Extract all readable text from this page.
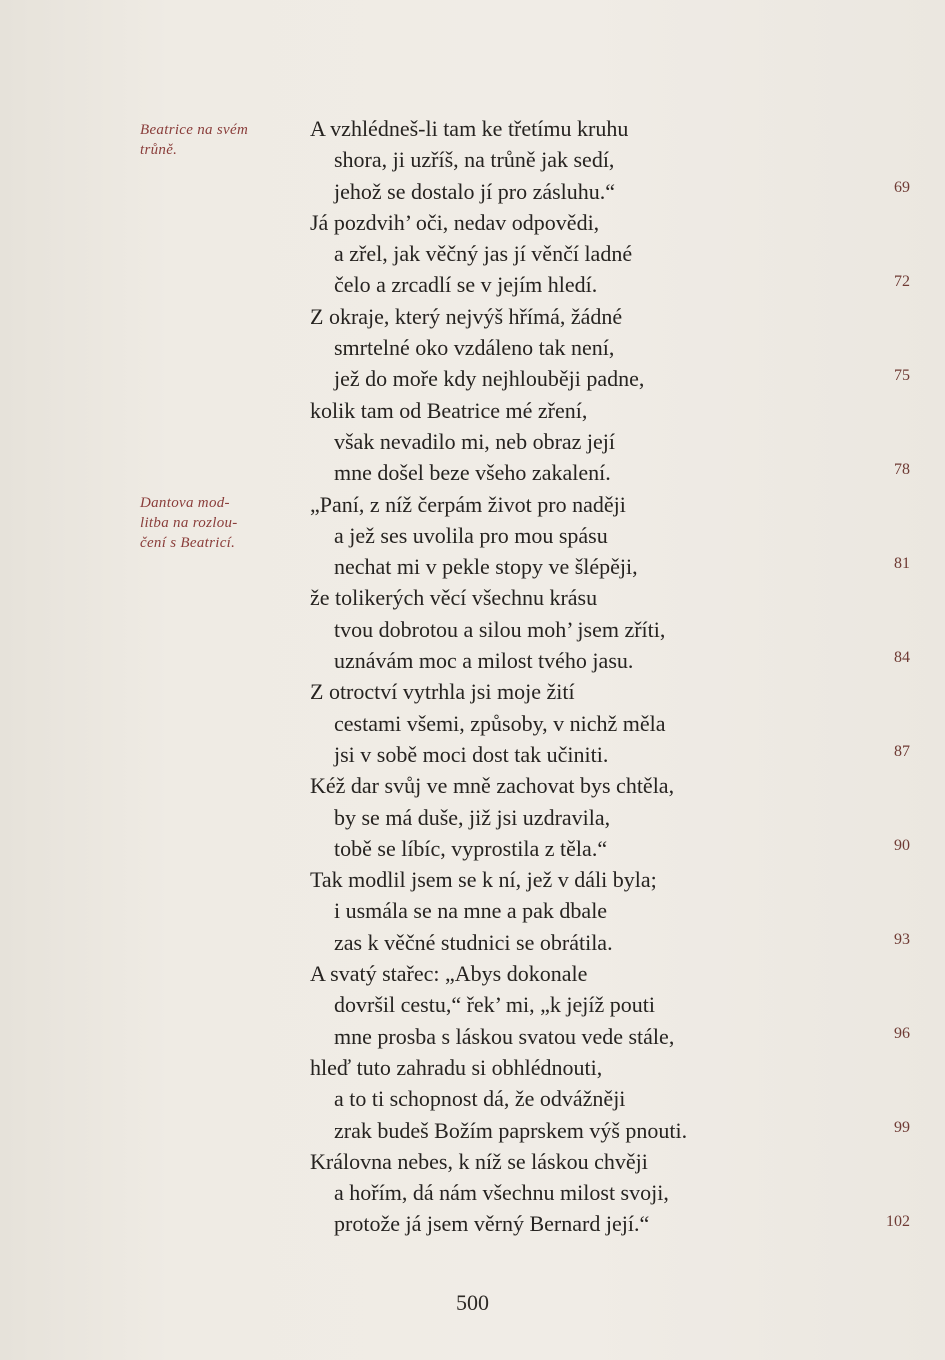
Beatrice na svém
trůně.
Dantova mod-
litba na rozlou-
čení s Beatricí.
A vzhlédneš-li tam ke třetímu kruhu
shora, ji uzříš, na trůně jak sedí,
jehož se dostalo jí pro zásluhu.“
Já pozdvih’ oči, nedav odpovědi,
a zřel, jak věčný jas jí věnčí ladné
čelo a zrcadlí se v jejím hledí.
Z okraje, který nejvýš hřímá, žádné
smrtelné oko vzdáleno tak není,
jež do moře kdy nejhlouběji padne,
kolik tam od Beatrice mé zření,
však nevadilo mi, neb obraz její
mne došel beze všeho zakalení.
„Paní, z níž čerpám život pro naději
a jež ses uvolila pro mou spásu
nechat mi v pekle stopy ve šlépěji,
že tolikerých věcí všechnu krásu
tvou dobrotou a silou moh’ jsem zříti,
uznávám moc a milost tvého jasu.
Z otroctví vytrhla jsi moje žití
cestami všemi, způsoby, v nichž měla
jsi v sobě moci dost tak učiniti.
Kéž dar svůj ve mně zachovat bys chtěla,
by se má duše, již jsi uzdravila,
tobě se líbíc, vyprostila z těla.“
Tak modlil jsem se k ní, jež v dáli byla;
i usmála se na mne a pak dbale
zas k věčné studnici se obrátila.
A svatý stařec: „Abys dokonale
dovršil cestu,“ řek’ mi, „k jejíž pouti
mne prosba s láskou svatou vede stále,
hleď tuto zahradu si obhlédnouti,
a to ti schopnost dá, že odvážněji
zrak budeš Božím paprskem výš pnouti.
Královna nebes, k níž se láskou chvěji
a hořím, dá nám všechnu milost svoji,
protože já jsem věrný Bernard její.“
69
72
75
78
81
84
87
90
93
96
99
102
500
